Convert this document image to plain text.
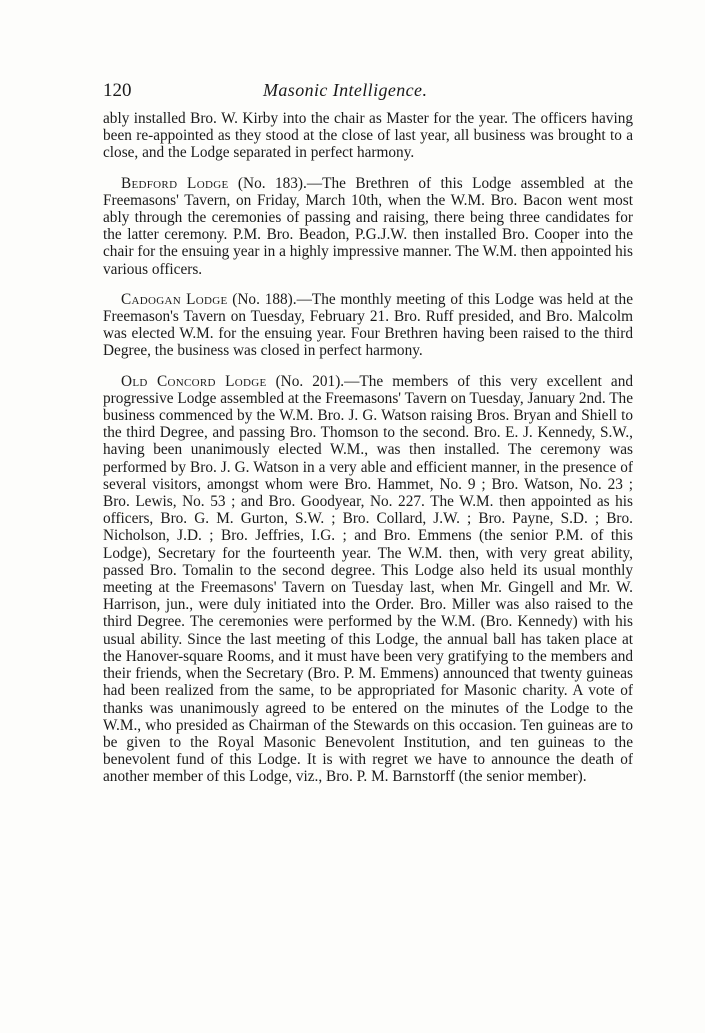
120	Masonic Intelligence.

ably installed Bro. W. Kirby into the chair as Master for the year. The officers having been re-appointed as they stood at the close of last year, all business was brought to a close, and the Lodge separated in perfect harmony.

Bedford Lodge (No. 183).—The Brethren of this Lodge assembled at the Freemasons' Tavern, on Friday, March 10th, when the W.M. Bro. Bacon went most ably through the ceremonies of passing and raising, there being three candidates for the latter ceremony. P.M. Bro. Beadon, P.G.J.W. then installed Bro. Cooper into the chair for the ensuing year in a highly impressive manner. The W.M. then appointed his various officers.

Cadogan Lodge (No. 188).—The monthly meeting of this Lodge was held at the Freemason's Tavern on Tuesday, February 21. Bro. Ruff presided, and Bro. Malcolm was elected W.M. for the ensuing year. Four Brethren having been raised to the third Degree, the business was closed in perfect harmony.

Old Concord Lodge (No. 201).—The members of this very excellent and progressive Lodge assembled at the Freemasons' Tavern on Tuesday, January 2nd. The business commenced by the W.M. Bro. J. G. Watson raising Bros. Bryan and Shiell to the third Degree, and passing Bro. Thomson to the second. Bro. E. J. Kennedy, S.W., having been unanimously elected W.M., was then installed. The ceremony was performed by Bro. J. G. Watson in a very able and efficient manner, in the presence of several visitors, amongst whom were Bro. Hammet, No. 9 ; Bro. Watson, No. 23 ; Bro. Lewis, No. 53 ; and Bro. Goodyear, No. 227. The W.M. then appointed as his officers, Bro. G. M. Gurton, S.W. ; Bro. Collard, J.W. ; Bro. Payne, S.D. ; Bro. Nicholson, J.D. ; Bro. Jeffries, I.G. ; and Bro. Emmens (the senior P.M. of this Lodge), Secretary for the fourteenth year. The W.M. then, with very great ability, passed Bro. Tomalin to the second degree. This Lodge also held its usual monthly meeting at the Freemasons' Tavern on Tuesday last, when Mr. Gingell and Mr. W. Harrison, jun., were duly initiated into the Order. Bro. Miller was also raised to the third Degree. The ceremonies were performed by the W.M. (Bro. Kennedy) with his usual ability. Since the last meeting of this Lodge, the annual ball has taken place at the Hanover-square Rooms, and it must have been very gratifying to the members and their friends, when the Secretary (Bro. P. M. Emmens) announced that twenty guineas had been realized from the same, to be appropriated for Masonic charity. A vote of thanks was unanimously agreed to be entered on the minutes of the Lodge to the W.M., who presided as Chairman of the Stewards on this occasion. Ten guineas are to be given to the Royal Masonic Benevolent Institution, and ten guineas to the benevolent fund of this Lodge. It is with regret we have to announce the death of another member of this Lodge, viz., Bro. P. M. Barnstorff (the senior member).
